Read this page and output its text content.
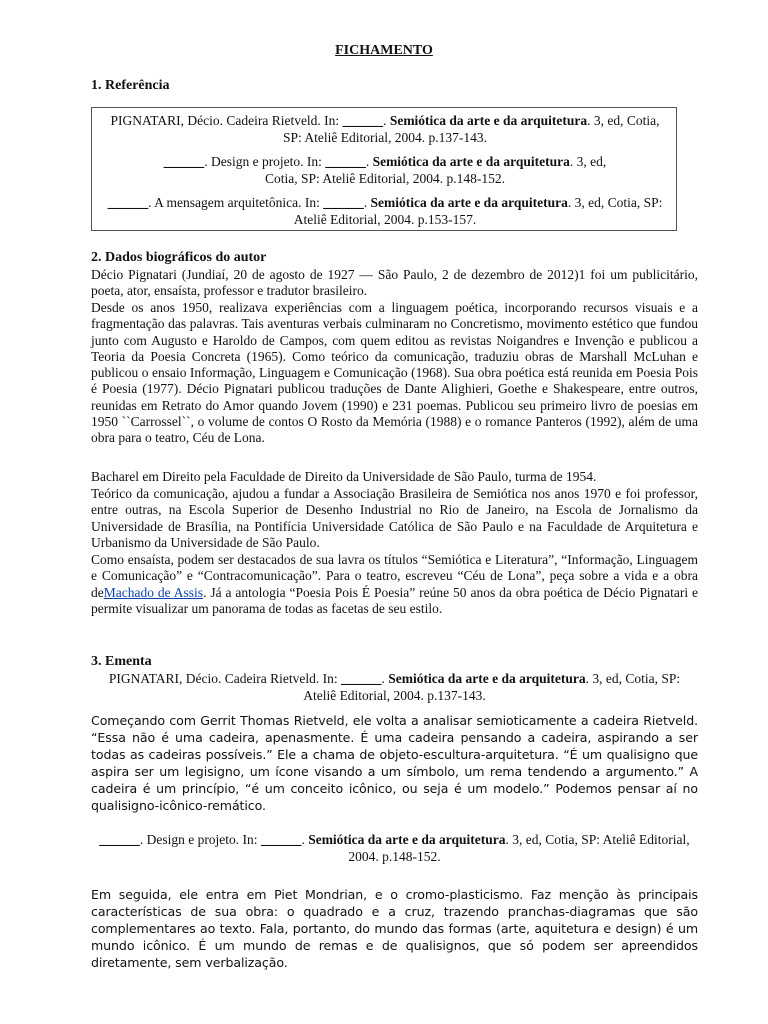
FICHAMENTO
1. Referência
PIGNATARI, Décio. Cadeira Rietveld. In: ______. Semiótica da arte e da arquitetura. 3, ed, Cotia, SP: Ateliê Editorial, 2004. p.137-143.
______. Design e projeto. In: ______. Semiótica da arte e da arquitetura. 3, ed, Cotia, SP: Ateliê Editorial, 2004. p.148-152.
______. A mensagem arquitetônica. In: ______. Semiótica da arte e da arquitetura. 3, ed, Cotia, SP: Ateliê Editorial, 2004. p.153-157.
2. Dados biográficos do autor
Décio Pignatari (Jundiaí, 20 de agosto de 1927 — São Paulo, 2 de dezembro de 2012)1 foi um publicitário, poeta, ator, ensaísta, professor e tradutor brasileiro.
Desde os anos 1950, realizava experiências com a linguagem poética, incorporando recursos visuais e a fragmentação das palavras. Tais aventuras verbais culminaram no Concretismo, movimento estético que fundou junto com Augusto e Haroldo de Campos, com quem editou as revistas Noigandres e Invenção e publicou a Teoria da Poesia Concreta (1965). Como teórico da comunicação, traduziu obras de Marshall McLuhan e publicou o ensaio Informação, Linguagem e Comunicação (1968). Sua obra poética está reunida em Poesia Pois é Poesia (1977). Décio Pignatari publicou traduções de Dante Alighieri, Goethe e Shakespeare, entre outros, reunidas em Retrato do Amor quando Jovem (1990) e 231 poemas. Publicou seu primeiro livro de poesias em 1950 ``Carrossel``, o volume de contos O Rosto da Memória (1988) e o romance Panteros (1992), além de uma obra para o teatro, Céu de Lona.
Bacharel em Direito pela Faculdade de Direito da Universidade de São Paulo, turma de 1954.
Teórico da comunicação, ajudou a fundar a Associação Brasileira de Semiótica nos anos 1970 e foi professor, entre outras, na Escola Superior de Desenho Industrial no Rio de Janeiro, na Escola de Jornalismo da Universidade de Brasília, na Pontifícia Universidade Católica de São Paulo e na Faculdade de Arquitetura e Urbanismo da Universidade de São Paulo.
Como ensaísta, podem ser destacados de sua lavra os títulos “Semiótica e Literatura”, “Informação, Linguagem e Comunicação” e “Contracomunicação”. Para o teatro, escreveu “Céu de Lona”, peça sobre a vida e a obra deMachado de Assis. Já a antologia “Poesia Pois É Poesia” reúne 50 anos da obra poética de Décio Pignatari e permite visualizar um panorama de todas as facetas de seu estilo.
3. Ementa
PIGNATARI, Décio. Cadeira Rietveld. In: ______. Semiótica da arte e da arquitetura. 3, ed, Cotia, SP: Ateliê Editorial, 2004. p.137-143.
Começando com Gerrit Thomas Rietveld, ele volta a analisar semioticamente a cadeira Rietveld. “Essa não é uma cadeira, apenasmente. É uma cadeira pensando a cadeira, aspirando a ser todas as cadeiras possíveis.” Ele a chama de objeto-escultura-arquitetura. “É um qualisigno que aspira ser um legisigno, um ícone visando a um símbolo, um rema tendendo a argumento.” A cadeira é um princípio, “é um conceito icônico, ou seja é um modelo.” Podemos pensar aí no qualisigno-icônico-remático.
______. Design e projeto. In: ______. Semiótica da arte e da arquitetura. 3, ed, Cotia, SP: Ateliê Editorial, 2004. p.148-152.
Em seguida, ele entra em Piet Mondrian, e o cromo-plasticismo. Faz menção às principais características de sua obra: o quadrado e a cruz, trazendo pranchas-diagramas que são complementares ao texto. Fala, portanto, do mundo das formas (arte, aquitetura e design) é um mundo icônico. É um mundo de remas e de qualisignos, que só podem ser apreendidos diretamente, sem verbalização.
